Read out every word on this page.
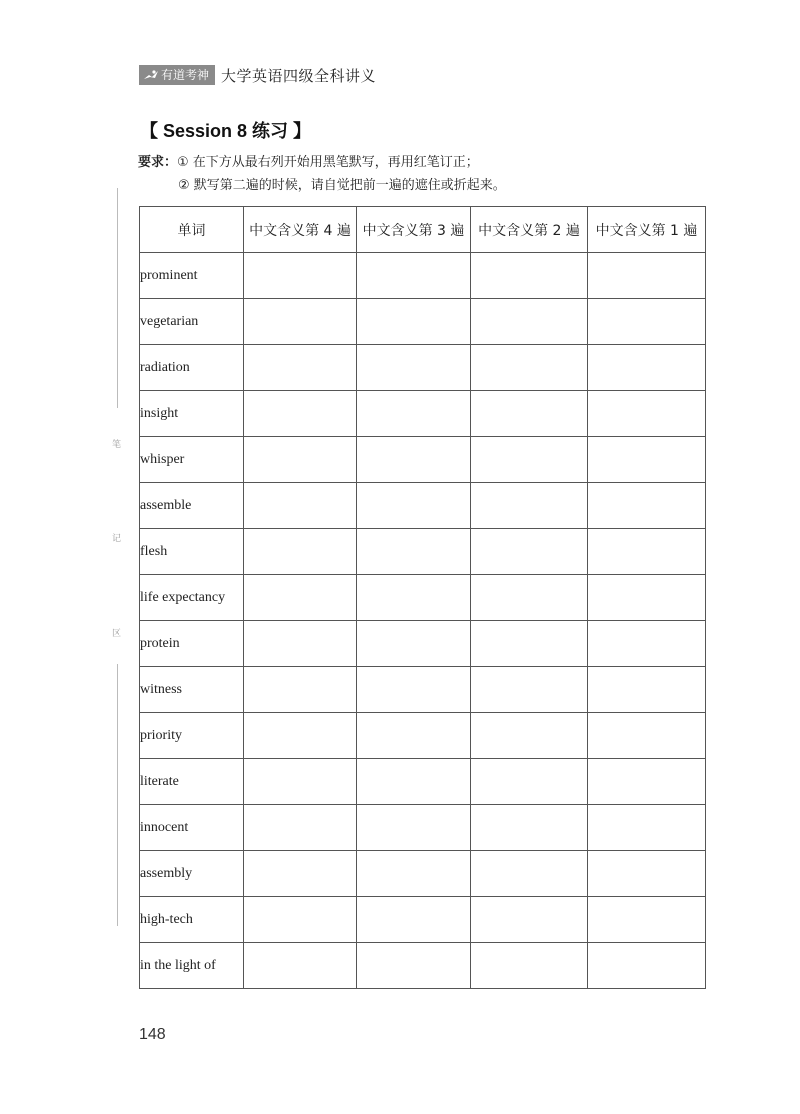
有道考神 大学英语四级全科讲义
【 Session 8 练习 】
要求：① 在下方从最右列开始用黑笔默写，再用红笔订正；
② 默写第二遍的时候，请自觉把前一遍的遮住或折起来。
笔
记
区
单词	中文含义第 4 遍	中文含义第 3 遍	中文含义第 2 遍	中文含义第 1 遍
prominent				
vegetarian				
radiation				
insight				
whisper				
assemble				
flesh				
life expectancy				
protein				
witness				
priority				
literate				
innocent				
assembly				
high-tech				
in the light of				
148
